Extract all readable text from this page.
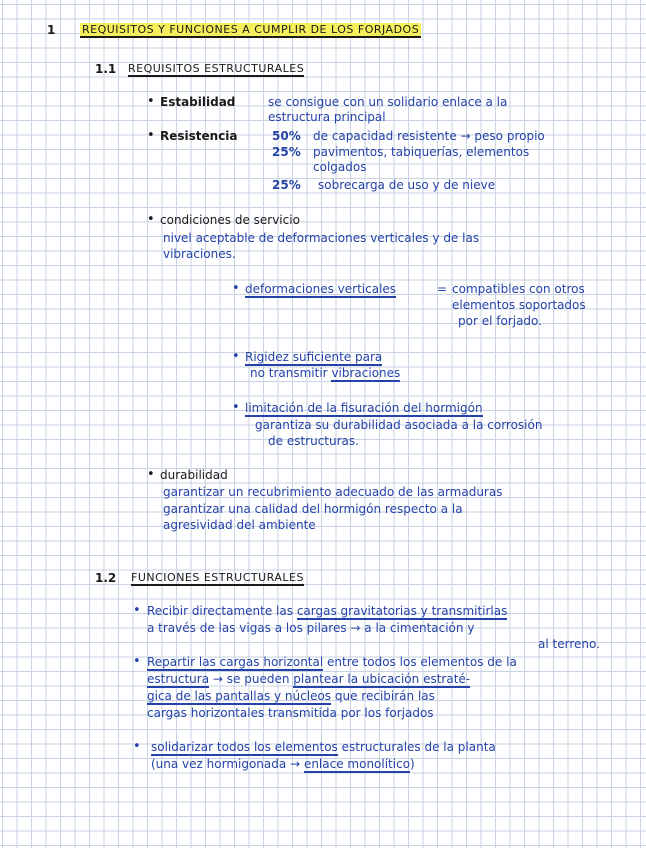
1 REQUISITOS Y FUNCIONES A CUMPLIR DE LOS FORJADOS
1.1 REQUISITOS ESTRUCTURALES
• Estabilidad	se consigue con un solidario enlace a la
estructura principal
• Resistencia	50% de capacidad resistente → peso propio
25% pavimentos, tabiquerías, elementos
colgados
25% sobrecarga de uso y de nieve
• condiciones de servicio
nivel aceptable de deformaciones verticales y de las
vibraciones.
• deformaciones verticales	= compatibles con otros
elementos soportados
por el forjado.
• Rigidez suficiente para
no transmitir vibraciones
• limitación de la fisuración del hormigón
garantiza su durabilidad asociada a la corrosión
de estructuras.
• durabilidad
garantizar un recubrimiento adecuado de las armaduras
garantizar una calidad del hormigón respecto a la
agresividad del ambiente
1.2 FUNCIONES ESTRUCTURALES
• Recibir directamente las cargas gravitatorias y transmitirlas
a través de las vigas a los pilares → a la cimentación y
al terreno.
• Repartir las cargas horizontal entre todos los elementos de la
estructura → se pueden plantear la ubicación estraté-
gica de las pantallas y núcleos que recibirán las
cargas horizontales transmitida por los forjados
• solidarizar todos los elementos estructurales de la planta
(una vez hormigonada → enlace monolítico)
